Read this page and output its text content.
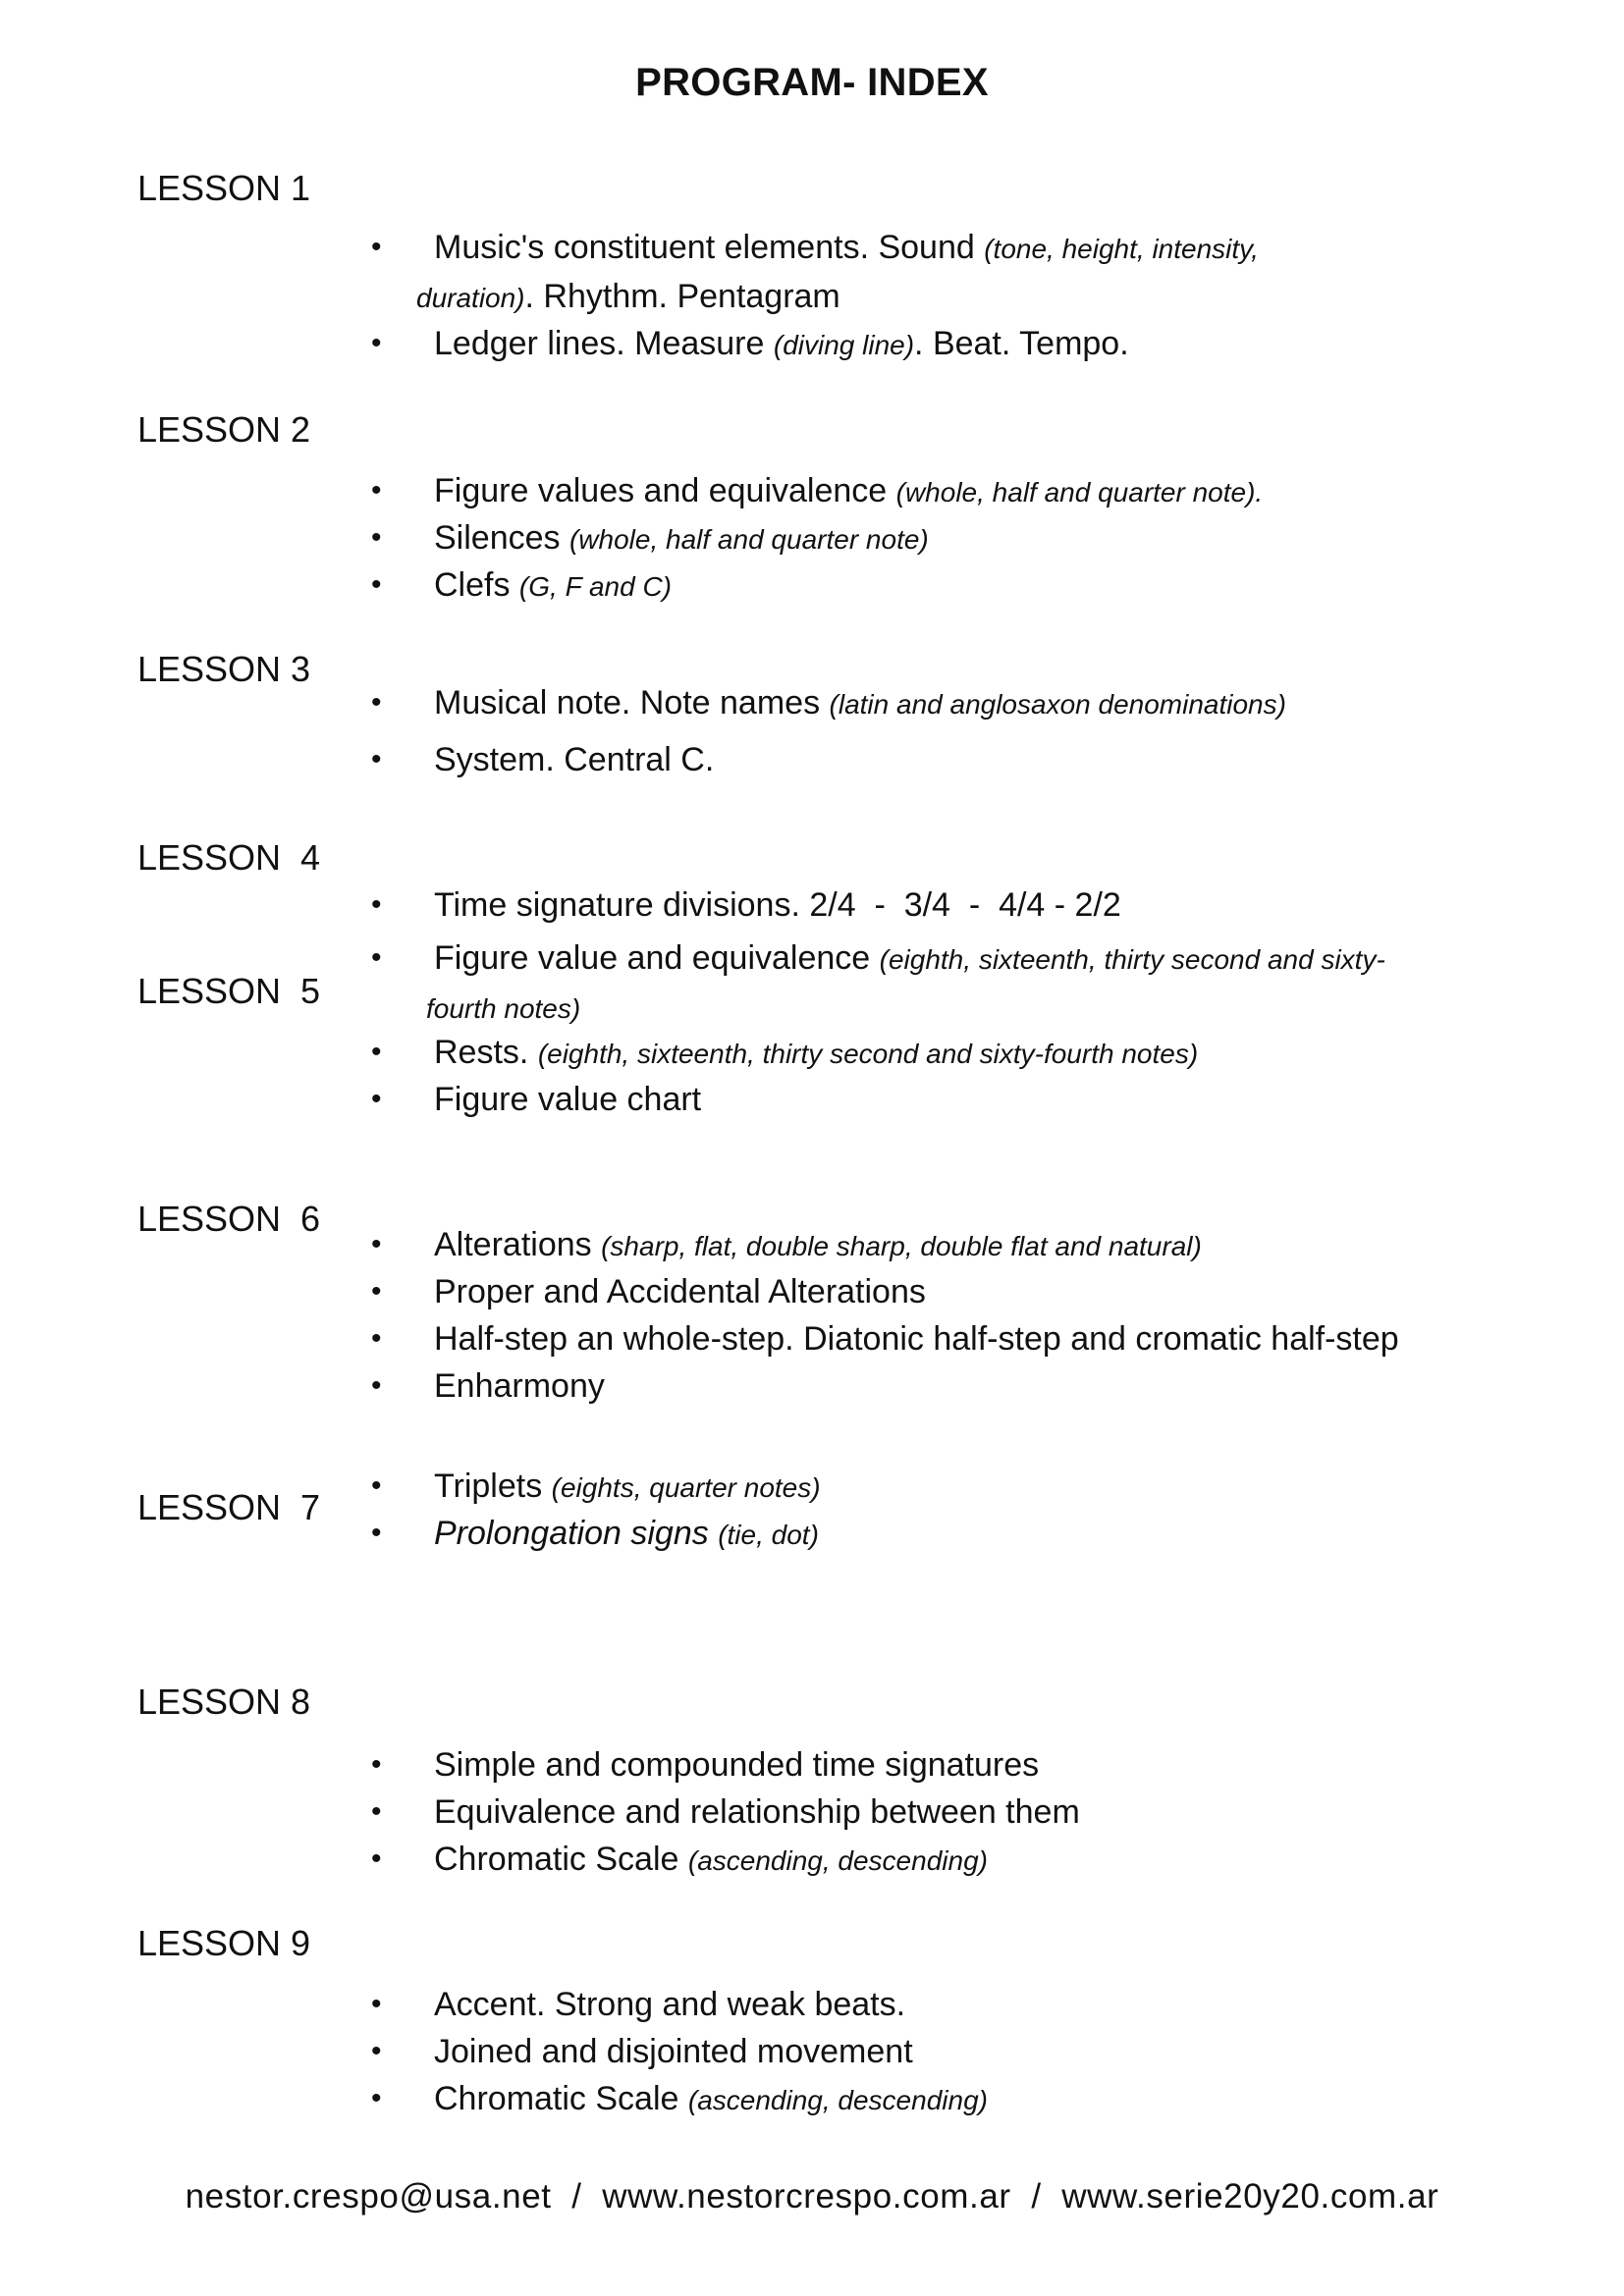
PROGRAM- INDEX
LESSON 1
•	Music's constituent elements. Sound (tone, height, intensity,
duration). Rhythm. Pentagram
•	Ledger lines. Measure (diving line). Beat. Tempo.
LESSON 2
•	Figure values and equivalence (whole, half and quarter note).
•	Silences (whole, half and quarter note)
•	Clefs (G, F and C)
LESSON 3
•	Musical note. Note names (latin and anglosaxon denominations)
•	System. Central C.
LESSON  4
•	Time signature divisions. 2/4  -  3/4  -  4/4 - 2/2
LESSON  5
•	Figure value and equivalence (eighth, sixteenth, thirty second and sixty-
fourth notes)
•	Rests. (eighth, sixteenth, thirty second and sixty-fourth notes)
•	Figure value chart
LESSON  6
•	Alterations (sharp, flat, double sharp, double flat and natural)
•	Proper and Accidental Alterations
•	Half-step an whole-step. Diatonic half-step and cromatic half-step
•	Enharmony
LESSON  7
•	Triplets (eights, quarter notes)
•	Prolongation signs (tie, dot)
LESSON 8
•	Simple and compounded time signatures
•	Equivalence and relationship between them
•	Chromatic Scale (ascending, descending)
LESSON 9
•	Accent. Strong and weak beats.
•	Joined and disjointed movement
•	Chromatic Scale (ascending, descending)
nestor.crespo@usa.net  /  www.nestorcrespo.com.ar  /  www.serie20y20.com.ar
